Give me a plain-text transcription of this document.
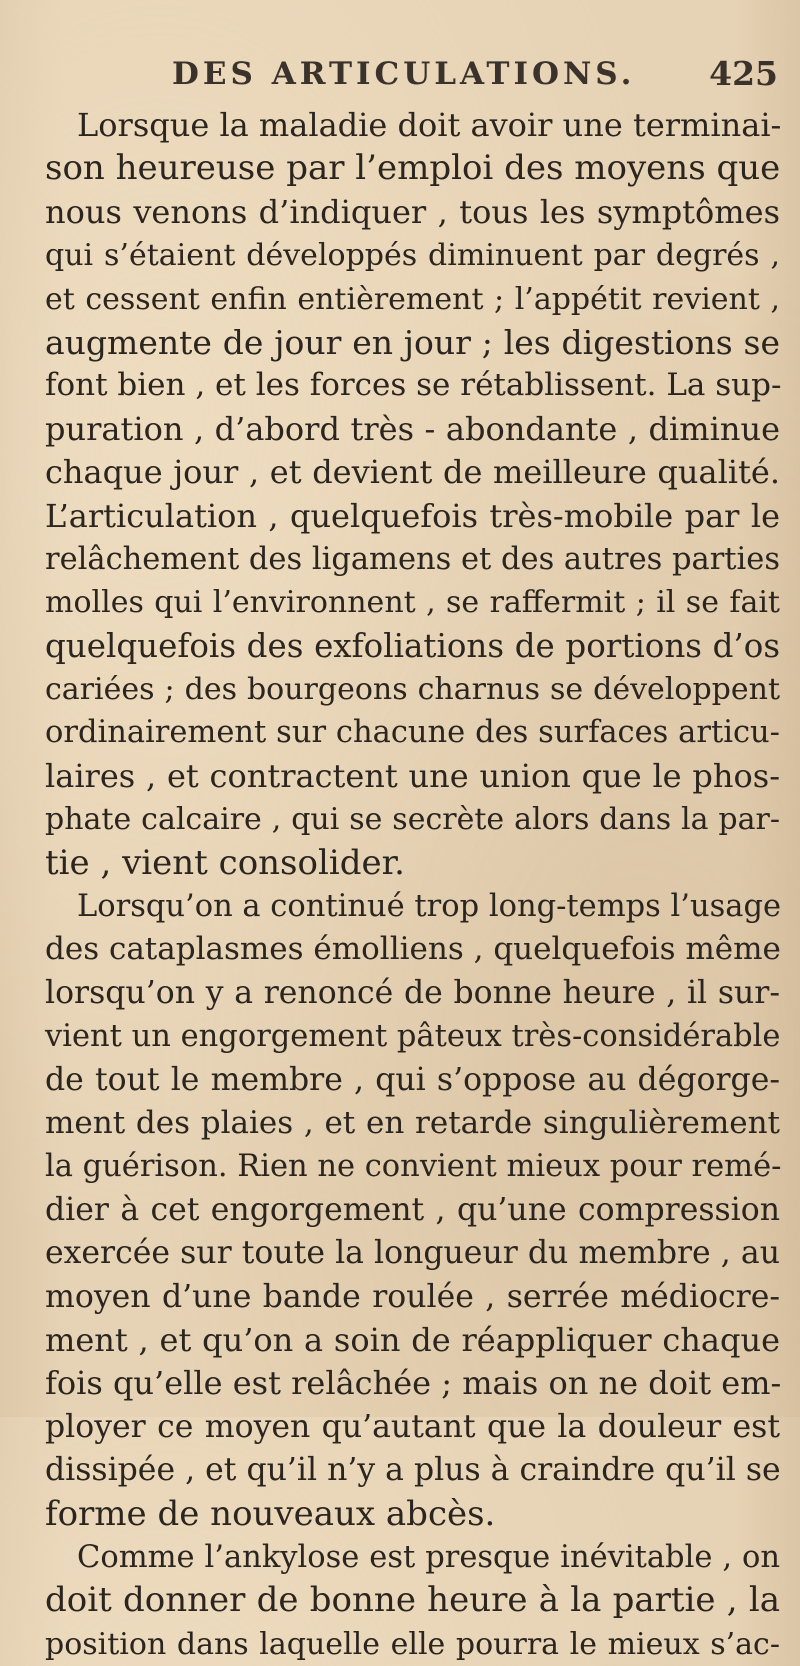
DES ARTICULATIONS. 425
Lorsque la maladie doit avoir une terminai-
son heureuse par l’emploi des moyens que
nous venons d’indiquer , tous les symptômes
qui s’étaient développés diminuent par degrés ,
et cessent enfin entièrement ; l’appétit revient ,
augmente de jour en jour ; les digestions se
font bien , et les forces se rétablissent. La sup-
puration , d’abord très - abondante , diminue
chaque jour , et devient de meilleure qualité.
L’articulation , quelquefois très-mobile par le
relâchement des ligamens et des autres parties
molles qui l’environnent , se raffermit ; il se fait
quelquefois des exfoliations de portions d’os
cariées ; des bourgeons charnus se développent
ordinairement sur chacune des surfaces articu-
laires , et contractent une union que le phos-
phate calcaire , qui se secrète alors dans la par-
tie , vient consolider.
Lorsqu’on a continué trop long-temps l’usage
des cataplasmes émolliens , quelquefois même
lorsqu’on y a renoncé de bonne heure , il sur-
vient un engorgement pâteux très-considérable
de tout le membre , qui s’oppose au dégorge-
ment des plaies , et en retarde singulièrement
la guérison. Rien ne convient mieux pour remé-
dier à cet engorgement , qu’une compression
exercée sur toute la longueur du membre , au
moyen d’une bande roulée , serrée médiocre-
ment , et qu’on a soin de réappliquer chaque
fois qu’elle est relâchée ; mais on ne doit em-
ployer ce moyen qu’autant que la douleur est
dissipée , et qu’il n’y a plus à craindre qu’il se
forme de nouveaux abcès.
Comme l’ankylose est presque inévitable , on
doit donner de bonne heure à la partie , la
position dans laquelle elle pourra le mieux s’ac-
